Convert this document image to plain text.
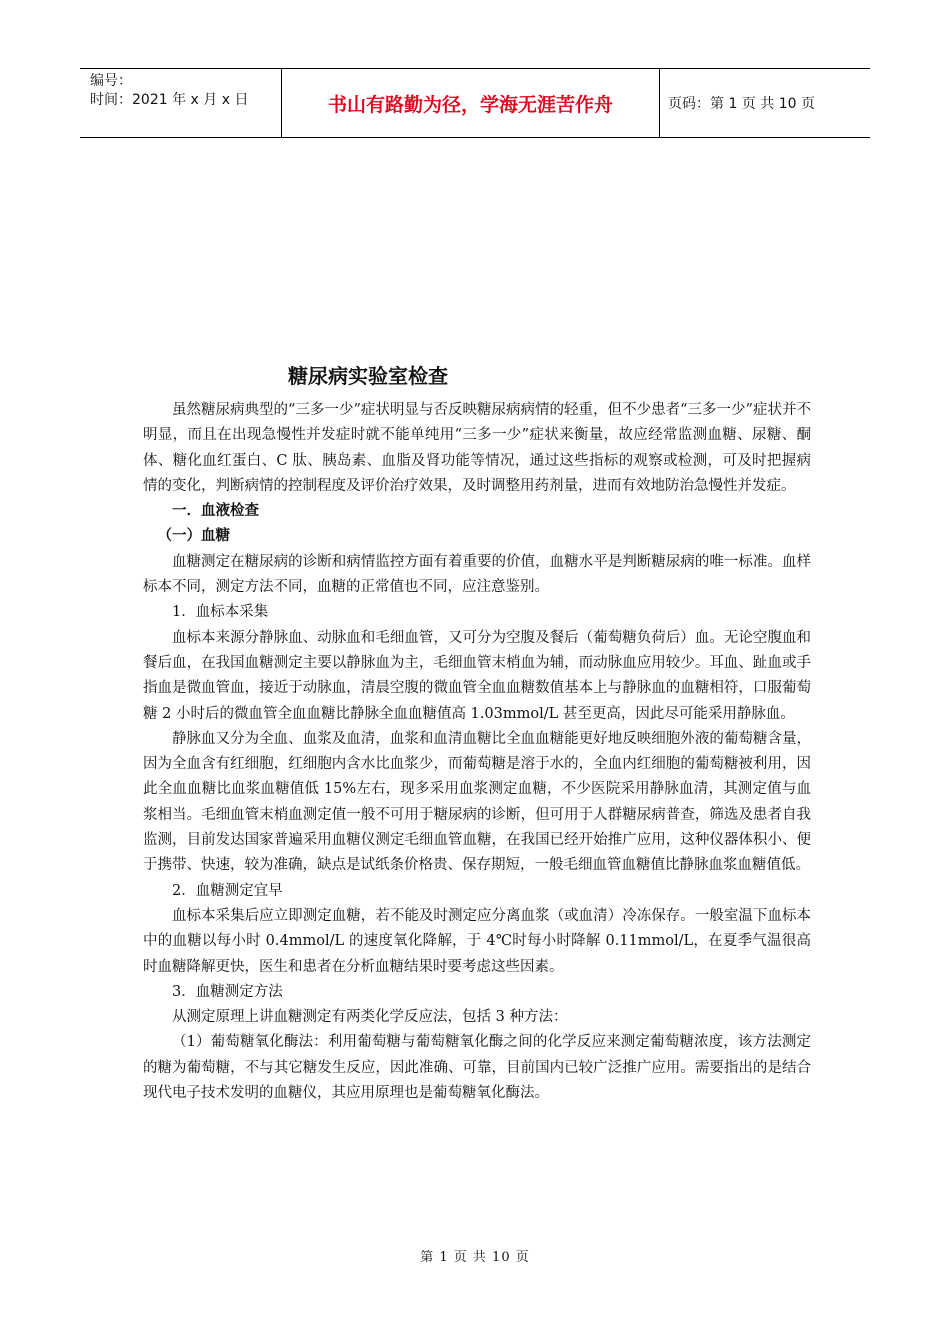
编号：
时间：2021 年 x 月 x 日	书山有路勤为径，学海无涯苦作舟	页码：第 1 页 共 10 页
糖尿病实验室检查

虽然糖尿病典型的“三多一少”症状明显与否反映糖尿病病情的轻重，但不少患者“三多一少”症状并不明显，而且在出现急慢性并发症时就不能单纯用“三多一少”症状来衡量，故应经常监测血糖、尿糖、酮体、糖化血红蛋白、C 肽、胰岛素、血脂及肾功能等情况，通过这些指标的观察或检测，可及时把握病情的变化，判断病情的控制程度及评价治疗效果，及时调整用药剂量，进而有效地防治急慢性并发症。

一．血液检查

（一）血糖

血糖测定在糖尿病的诊断和病情监控方面有着重要的价值，血糖水平是判断糖尿病的唯一标准。血样标本不同，测定方法不同，血糖的正常值也不同，应注意鉴别。

1．血标本采集

血标本来源分静脉血、动脉血和毛细血管，又可分为空腹及餐后（葡萄糖负荷后）血。无论空腹血和餐后血，在我国血糖测定主要以静脉血为主，毛细血管末梢血为辅，而动脉血应用较少。耳血、趾血或手指血是微血管血，接近于动脉血，清晨空腹的微血管全血血糖数值基本上与静脉血的血糖相符，口服葡萄糖 2 小时后的微血管全血血糖比静脉全血血糖值高 1.03mmol/L 甚至更高，因此尽可能采用静脉血。

静脉血又分为全血、血浆及血清，血浆和血清血糖比全血血糖能更好地反映细胞外液的葡萄糖含量，因为全血含有红细胞，红细胞内含水比血浆少，而葡萄糖是溶于水的，全血内红细胞的葡萄糖被利用，因此全血血糖比血浆血糖值低 15%左右，现多采用血浆测定血糖，不少医院采用静脉血清，其测定值与血浆相当。毛细血管末梢血测定值一般不可用于糖尿病的诊断，但可用于人群糖尿病普查，筛选及患者自我监测，目前发达国家普遍采用血糖仪测定毛细血管血糖，在我国已经开始推广应用，这种仪器体积小、便于携带、快速，较为准确，缺点是试纸条价格贵、保存期短，一般毛细血管血糖值比静脉血浆血糖值低。

2．血糖测定宜早

血标本采集后应立即测定血糖，若不能及时测定应分离血浆（或血清）冷冻保存。一般室温下血标本中的血糖以每小时 0.4mmol/L 的速度氧化降解，于 4℃时每小时降解 0.11mmol/L，在夏季气温很高时血糖降解更快，医生和患者在分析血糖结果时要考虑这些因素。

3．血糖测定方法

从测定原理上讲血糖测定有两类化学反应法，包括 3 种方法：

（1）葡萄糖氧化酶法：利用葡萄糖与葡萄糖氧化酶之间的化学反应来测定葡萄糖浓度，该方法测定的糖为葡萄糖，不与其它糖发生反应，因此准确、可靠，目前国内已较广泛推广应用。需要指出的是结合现代电子技术发明的血糖仪，其应用原理也是葡萄糖氧化酶法。

第 1 页 共 10 页
